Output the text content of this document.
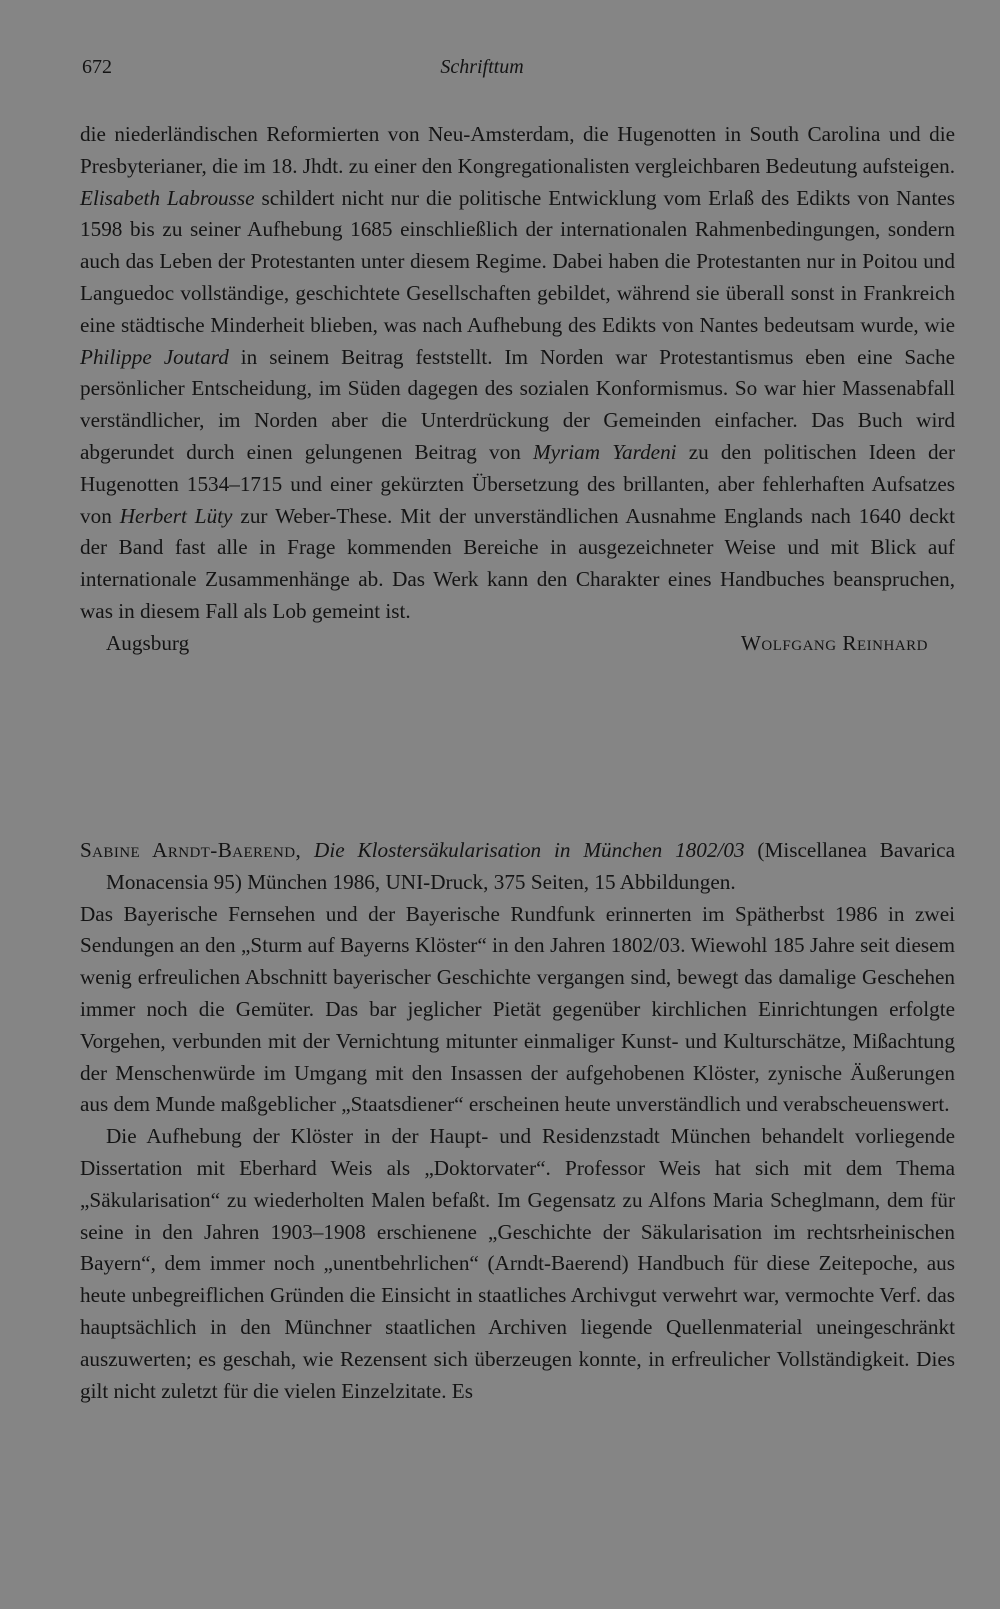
672	Schrifttum

die niederländischen Reformierten von Neu-Amsterdam, die Hugenotten in South Carolina und die Presbyterianer, die im 18. Jhdt. zu einer den Kongregationalisten vergleichbaren Bedeutung aufsteigen. Elisabeth Labrousse schildert nicht nur die politische Entwicklung vom Erlaß des Edikts von Nantes 1598 bis zu seiner Aufhebung 1685 einschließlich der internationalen Rahmenbedingungen, sondern auch das Leben der Protestanten unter diesem Regime. Dabei haben die Protestanten nur in Poitou und Languedoc vollständige, geschichtete Gesellschaften gebildet, während sie überall sonst in Frankreich eine städtische Minderheit blieben, was nach Aufhebung des Edikts von Nantes bedeutsam wurde, wie Philippe Joutard in seinem Beitrag feststellt. Im Norden war Protestantismus eben eine Sache persönlicher Entscheidung, im Süden dagegen des sozialen Konformismus. So war hier Massenabfall verständlicher, im Norden aber die Unterdrückung der Gemeinden einfacher. Das Buch wird abgerundet durch einen gelungenen Beitrag von Myriam Yardeni zu den politischen Ideen der Hugenotten 1534–1715 und einer gekürzten Übersetzung des brillanten, aber fehlerhaften Aufsatzes von Herbert Lüty zur Weber-These. Mit der unverständlichen Ausnahme Englands nach 1640 deckt der Band fast alle in Frage kommenden Bereiche in ausgezeichneter Weise und mit Blick auf internationale Zusammenhänge ab. Das Werk kann den Charakter eines Handbuches beanspruchen, was in diesem Fall als Lob gemeint ist.

Augsburg	Wolfgang Reinhard

Sabine Arndt-Baerend, Die Klostersäkularisation in München 1802/03 (Miscellanea Bavarica Monacensia 95) München 1986, UNI-Druck, 375 Seiten, 15 Abbildungen.

Das Bayerische Fernsehen und der Bayerische Rundfunk erinnerten im Spätherbst 1986 in zwei Sendungen an den „Sturm auf Bayerns Klöster“ in den Jahren 1802/03. Wiewohl 185 Jahre seit diesem wenig erfreulichen Abschnitt bayerischer Geschichte vergangen sind, bewegt das damalige Geschehen immer noch die Gemüter. Das bar jeglicher Pietät gegenüber kirchlichen Einrichtungen erfolgte Vorgehen, verbunden mit der Vernichtung mitunter einmaliger Kunst- und Kulturschätze, Mißachtung der Menschenwürde im Umgang mit den Insassen der aufgehobenen Klöster, zynische Äußerungen aus dem Munde maßgeblicher „Staatsdiener“ erscheinen heute unverständlich und verabscheuenswert.

Die Aufhebung der Klöster in der Haupt- und Residenzstadt München behandelt vorliegende Dissertation mit Eberhard Weis als „Doktorvater“. Professor Weis hat sich mit dem Thema „Säkularisation“ zu wiederholten Malen befaßt. Im Gegensatz zu Alfons Maria Scheglmann, dem für seine in den Jahren 1903–1908 erschienene „Geschichte der Säkularisation im rechtsrheinischen Bayern“, dem immer noch „unentbehrlichen“ (Arndt-Baerend) Handbuch für diese Zeitepoche, aus heute unbegreiflichen Gründen die Einsicht in staatliches Archivgut verwehrt war, vermochte Verf. das hauptsächlich in den Münchner staatlichen Archiven liegende Quellenmaterial uneingeschränkt auszuwerten; es geschah, wie Rezensent sich überzeugen konnte, in erfreulicher Vollständigkeit. Dies gilt nicht zuletzt für die vielen Einzelzitate. Es
